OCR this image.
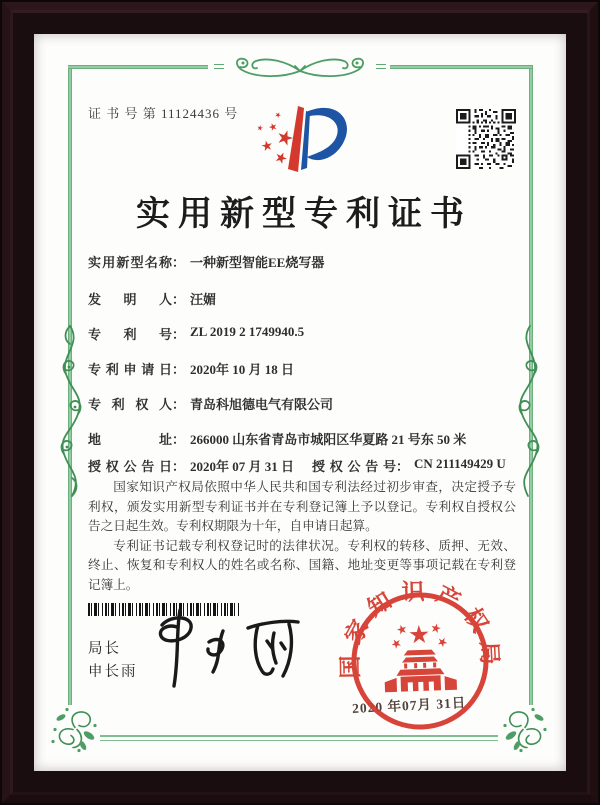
证 书 号 第 11124436 号
实用新型专利证书
实用新型名称 ： 一种新型智能EE烧写器
发明人 ： 汪媚
专利号 ： ZL 2019 2 1749940.5
专利申请日 ： 2020年 10 月 18 日
专利权人 ： 青岛科旭德电气有限公司
地址 ： 266000 山东省青岛市城阳区华夏路 21 号东 50 米
授权公告日 ： 2020年 07 月 31 日 授权公告号 ： CN 211149429 U

国家知识产权局依照中华人民共和国专利法经过初步审查，决定授予专利权，颁发实用新型专利证书并在专利登记簿上予以登记。专利权自授权公告之日起生效。专利权期限为十年，自申请日起算。

专利证书记载专利权登记时的法律状况。专利权的转移、质押、无效、终止、恢复和专利权人的姓名或名称、国籍、地址变更等事项记载在专利登记簿上。

局长
申长雨
2020 年07月 31日
国家知识产权局
